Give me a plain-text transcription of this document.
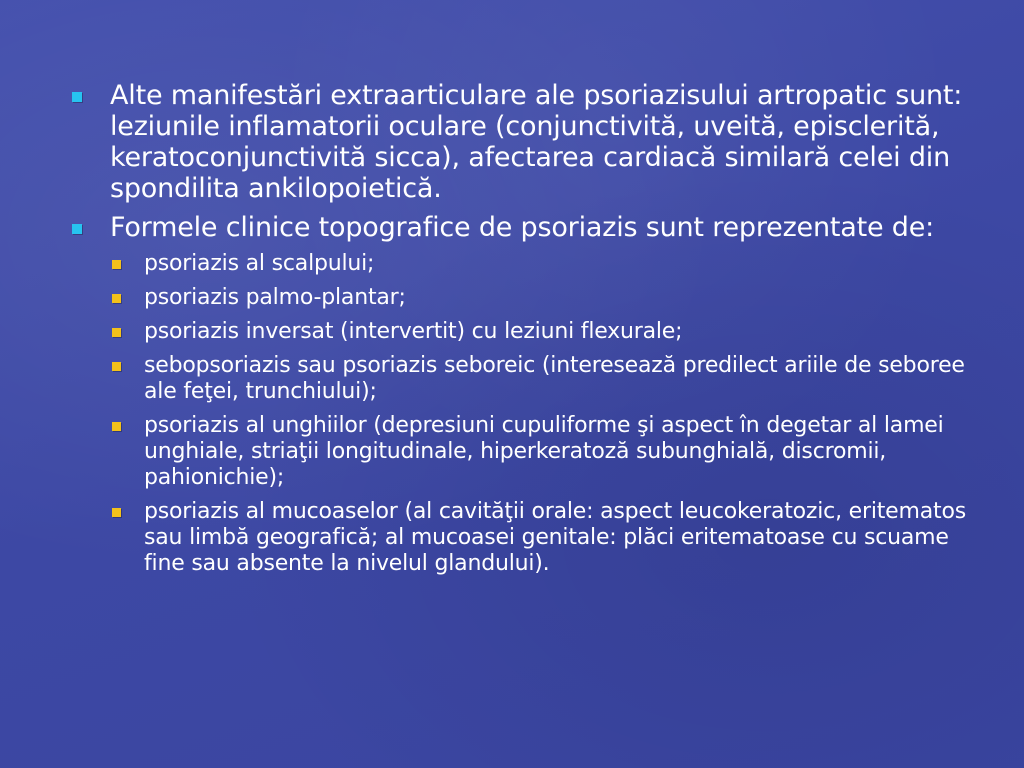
Alte manifestări extraarticulare ale psoriazisului artropatic sunt: leziunile inflamatorii oculare (conjunctivită, uveită, episclerită, keratoconjunctivită sicca), afectarea cardiacă similară celei din spondilita ankilopoietică.
Formele clinice topografice de psoriazis sunt reprezentate de:
psoriazis al scalpului;
psoriazis palmo-plantar;
psoriazis inversat (intervertit) cu leziuni flexurale;
sebopsoriazis sau psoriazis seboreic (interesează predilect ariile de seboree ale feţei, trunchiului);
psoriazis al unghiilor (depresiuni cupuliforme şi aspect în degetar al lamei unghiale, striaţii longitudinale, hiperkeratoză subunghială, discromii, pahionichie);
psoriazis al mucoaselor (al cavităţii orale: aspect leucokeratozic, eritematos sau limbă geografică; al mucoasei genitale: plăci eritematoase cu scuame fine sau absente la nivelul glandului).
